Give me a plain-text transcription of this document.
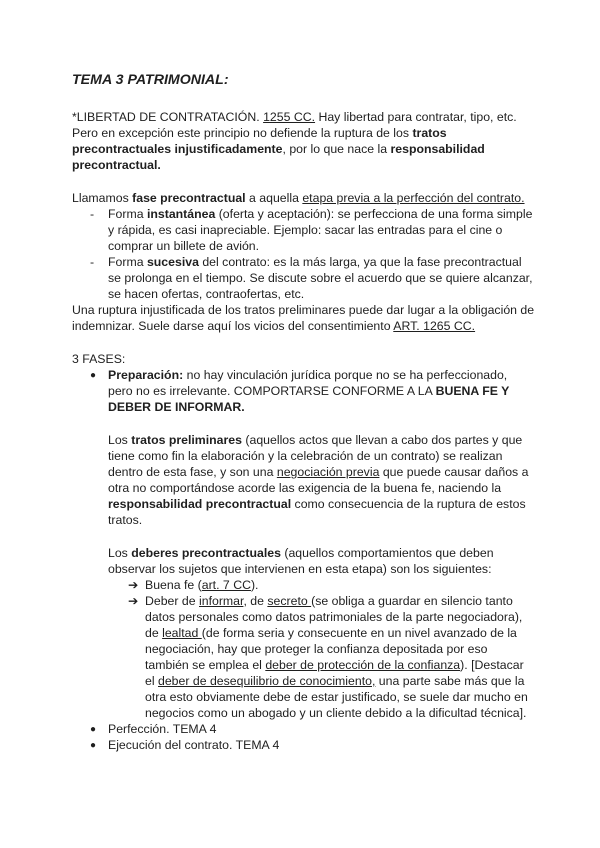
TEMA 3 PATRIMONIAL:
*LIBERTAD DE CONTRATACIÓN. 1255 CC. Hay libertad para contratar, tipo, etc.
Pero en excepción este principio no defiende la ruptura de los tratos
precontractuales injustificadamente, por lo que nace la responsabilidad
precontractual.
Llamamos fase precontractual a aquella etapa previa a la perfección del contrato.
- Forma instantánea (oferta y aceptación): se perfecciona de una forma simple
y rápida, es casi inapreciable. Ejemplo: sacar las entradas para el cine o
comprar un billete de avión.
- Forma sucesiva del contrato: es la más larga, ya que la fase precontractual
se prolonga en el tiempo. Se discute sobre el acuerdo que se quiere alcanzar,
se hacen ofertas, contraofertas, etc.
Una ruptura injustificada de los tratos preliminares puede dar lugar a la obligación de
indemnizar. Suele darse aquí los vicios del consentimiento ART. 1265 CC.
3 FASES:
● Preparación: no hay vinculación jurídica porque no se ha perfeccionado,
pero no es irrelevante. COMPORTARSE CONFORME A LA BUENA FE Y
DEBER DE INFORMAR.
Los tratos preliminares (aquellos actos que llevan a cabo dos partes y que
tiene como fin la elaboración y la celebración de un contrato) se realizan
dentro de esta fase, y son una negociación previa que puede causar daños a
otra no comportándose acorde las exigencia de la buena fe, naciendo la
responsabilidad precontractual como consecuencia de la ruptura de estos
tratos.
Los deberes precontractuales (aquellos comportamientos que deben
observar los sujetos que intervienen en esta etapa) son los siguientes:
➔ Buena fe (art. 7 CC).
➔ Deber de informar, de secreto (se obliga a guardar en silencio tanto
datos personales como datos patrimoniales de la parte negociadora),
de lealtad (de forma seria y consecuente en un nivel avanzado de la
negociación, hay que proteger la confianza depositada por eso
también se emplea el deber de protección de la confianza). [Destacar
el deber de desequilibrio de conocimiento, una parte sabe más que la
otra esto obviamente debe de estar justificado, se suele dar mucho en
negocios como un abogado y un cliente debido a la dificultad técnica].
● Perfección. TEMA 4
● Ejecución del contrato. TEMA 4
